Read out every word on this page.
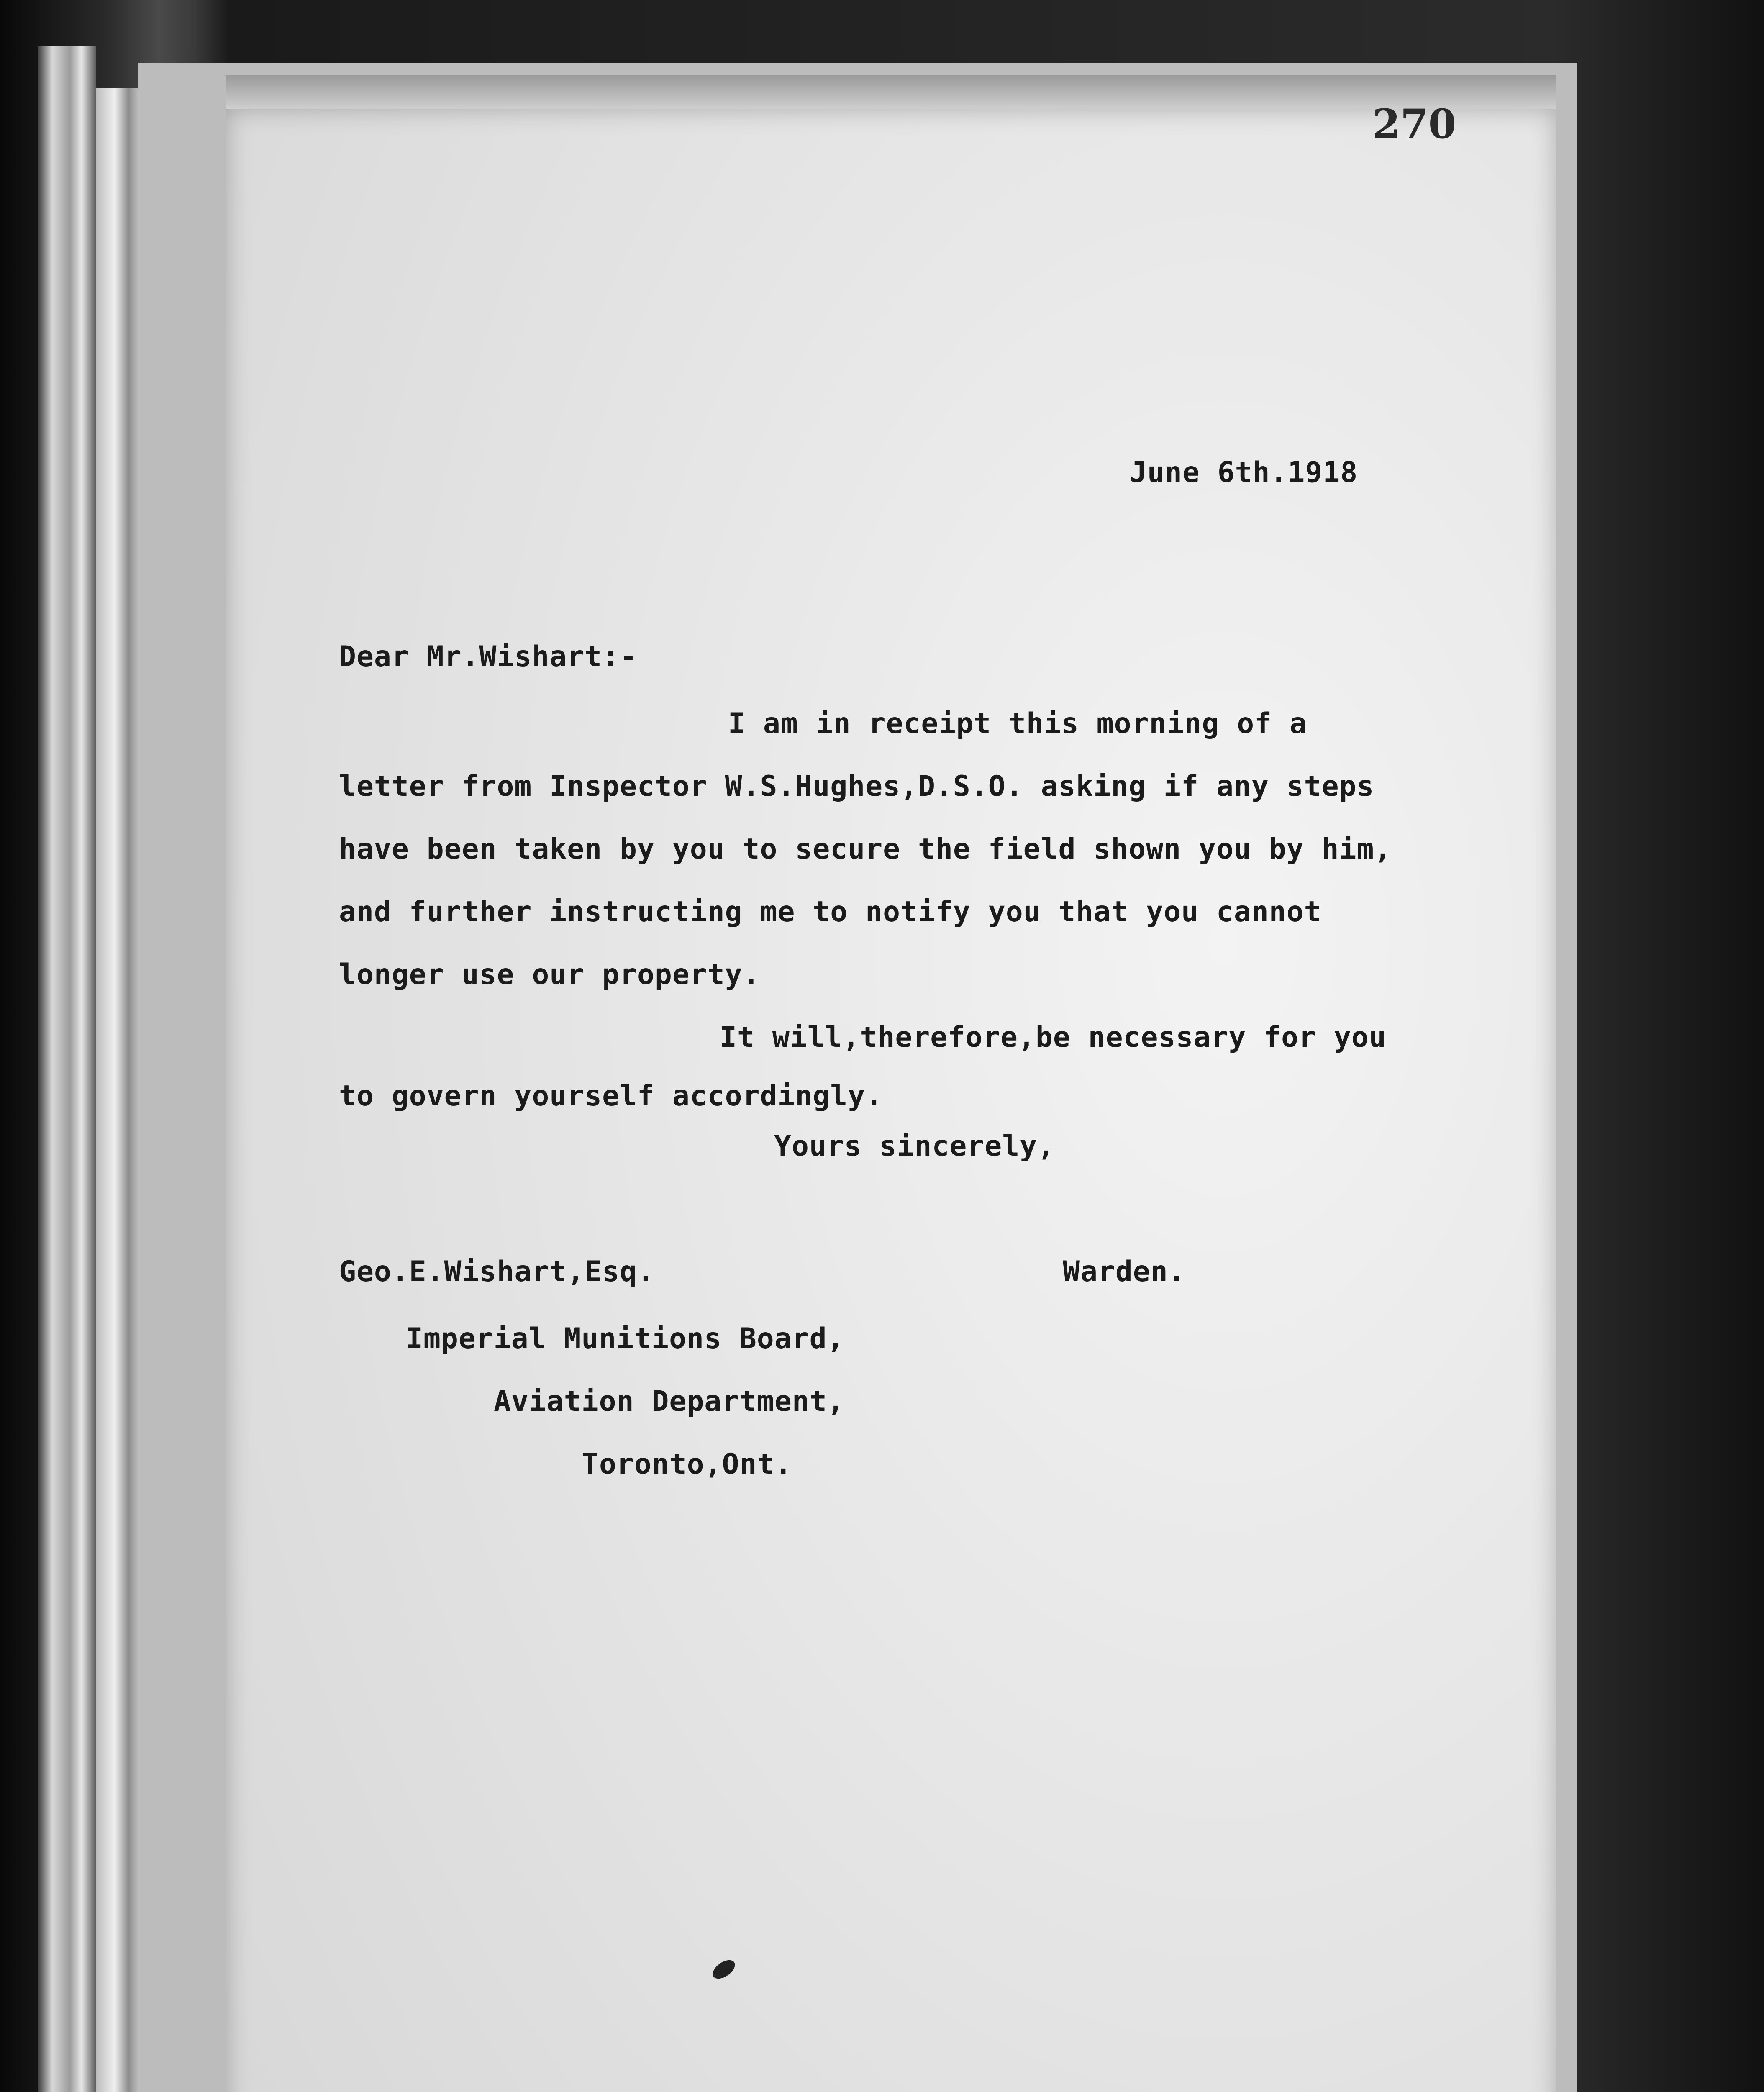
270
June 6th.1918
Dear Mr.Wishart:-
I am in receipt this morning of a
letter from Inspector W.S.Hughes,D.S.O. asking if any steps
have been taken by you to secure the field shown you by him,
and further instructing me to notify you that you cannot
longer use our property.
It will,therefore,be necessary for you
to govern yourself accordingly.
Yours sincerely,
Geo.E.Wishart,Esq.	Warden.
Imperial Munitions Board,
Aviation Department,
Toronto,Ont.
